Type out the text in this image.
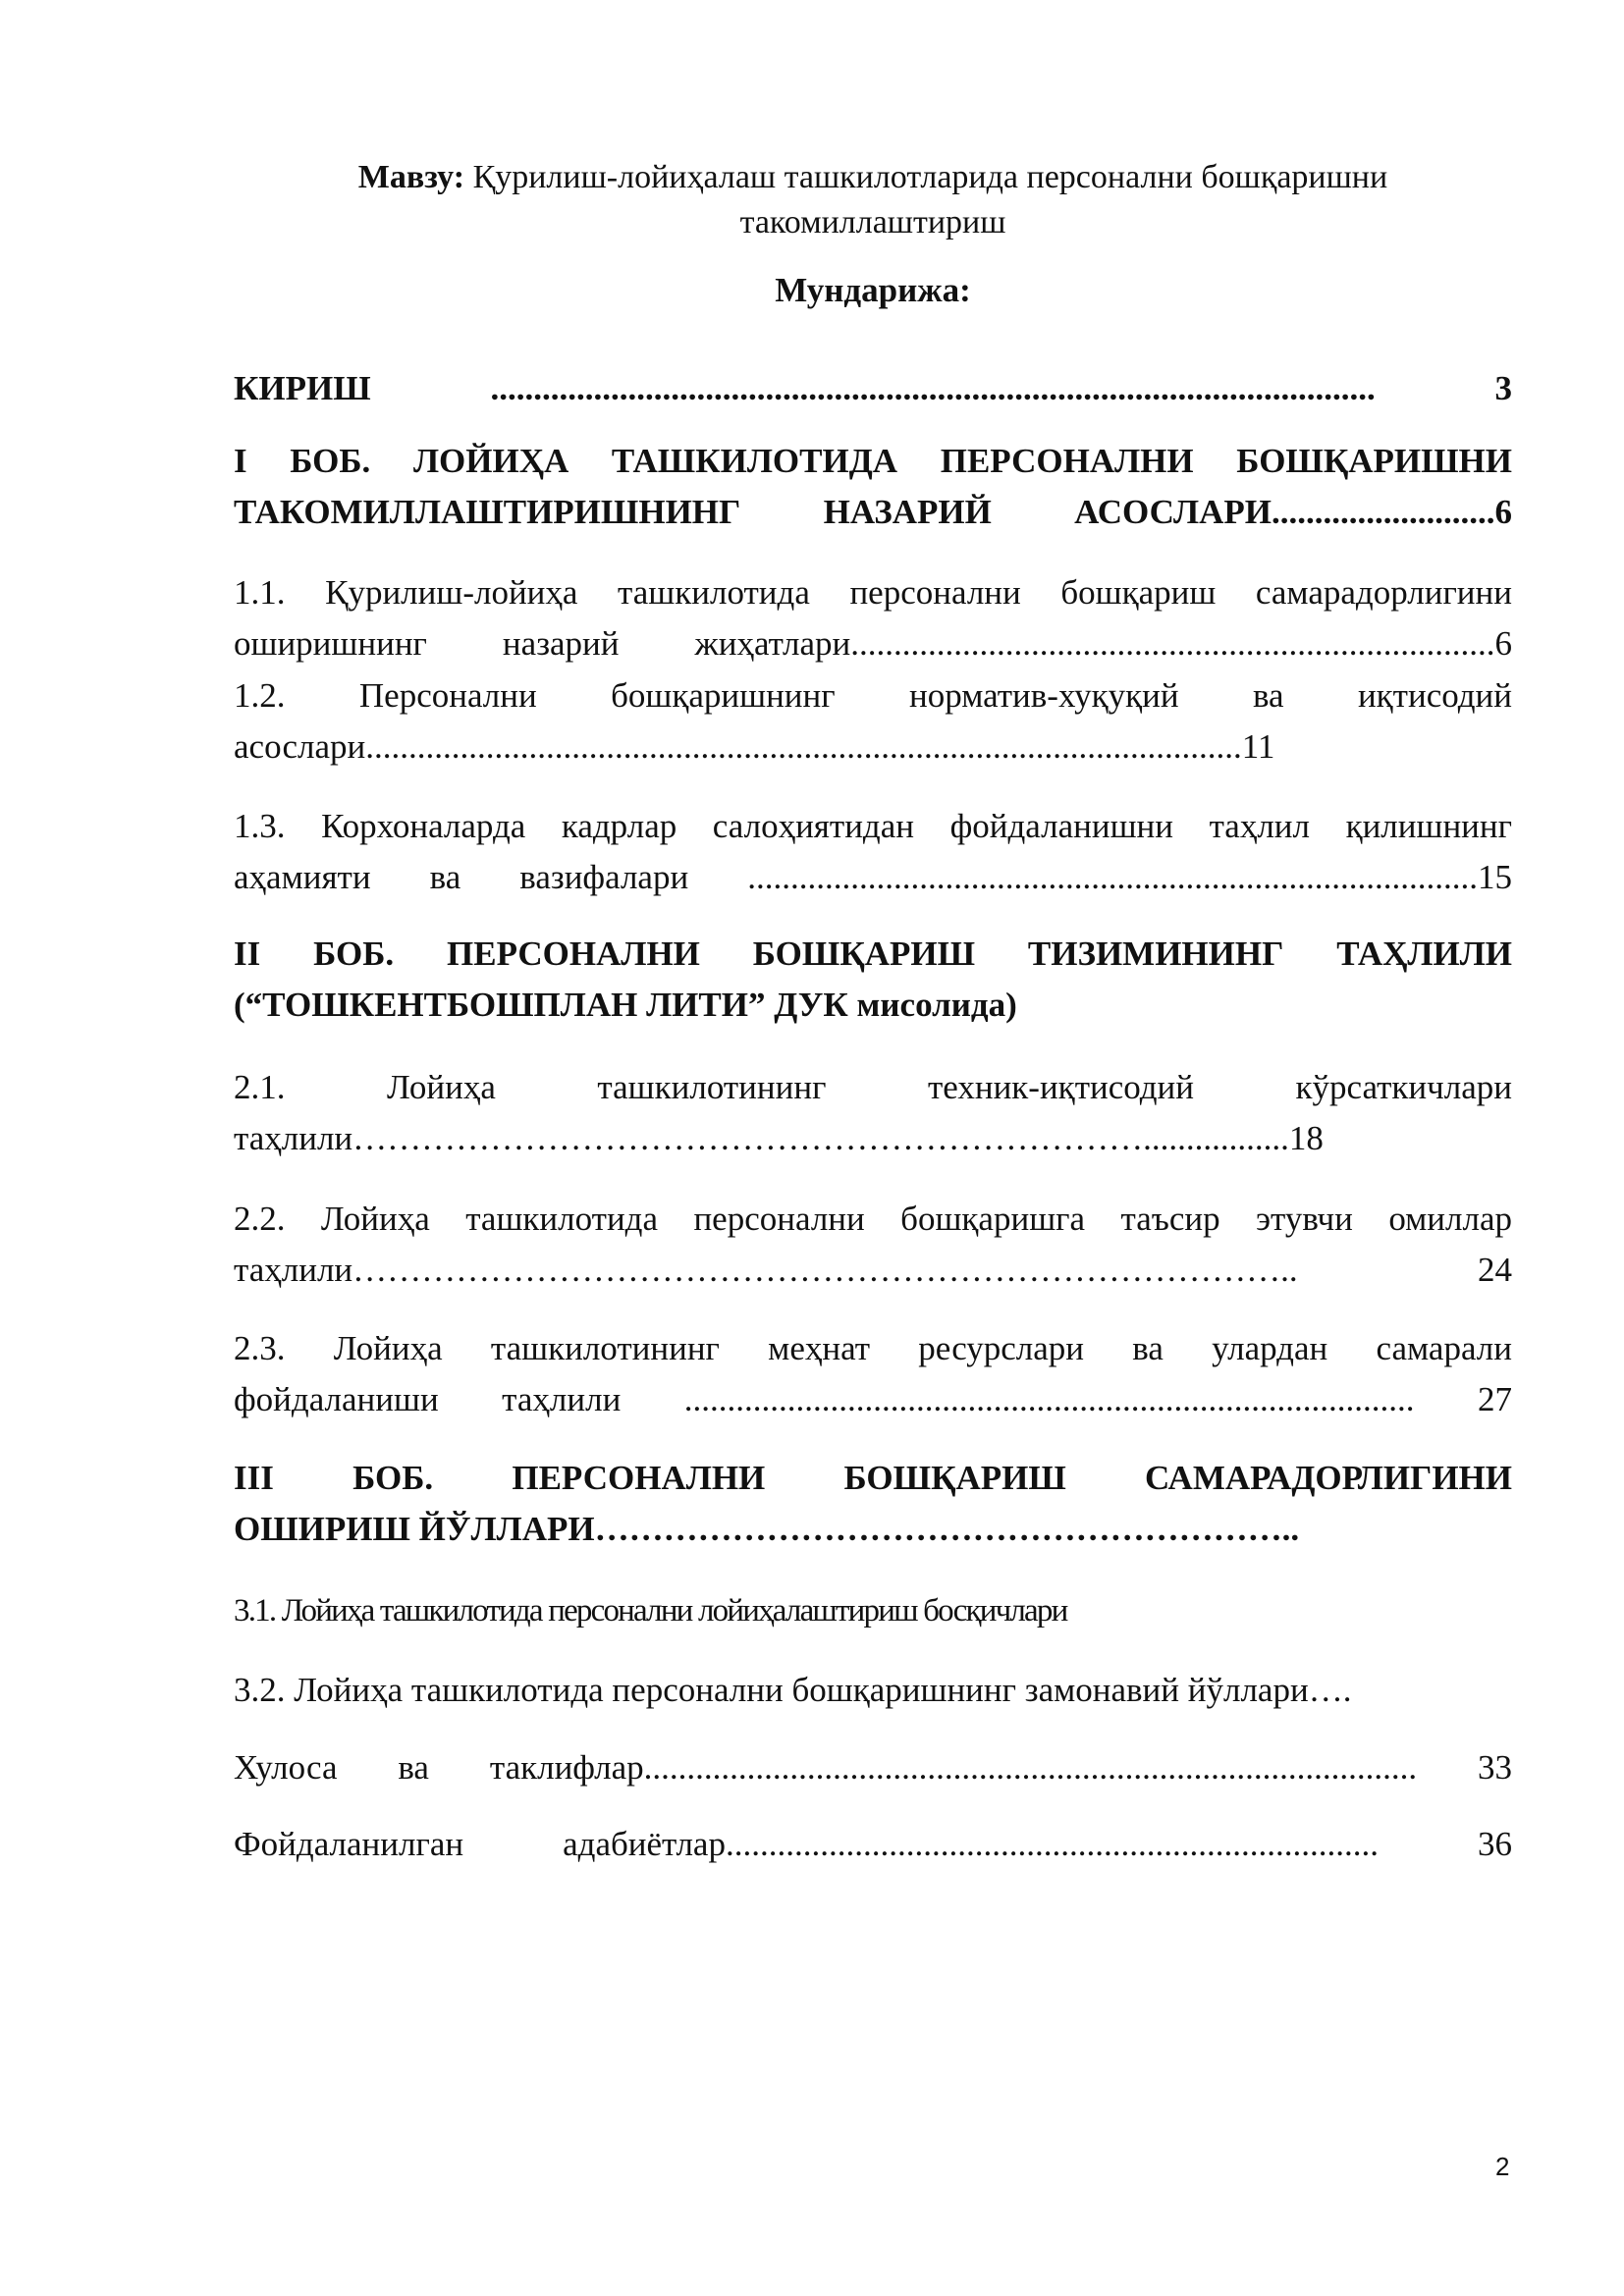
Мавзу: Қурилиш-лойиҳалаш ташкилотларида персонални бошқаришни такомиллаштириш
Мундарижа:
КИРИШ ....................................................................................................... 3
I БОБ. ЛОЙИҲА ТАШКИЛОТИДА ПЕРСОНАЛНИ БОШҚАРИШНИ
ТАКОМИЛЛАШТИРИШНИНГ НАЗАРИЙ АСОСЛАРИ..........................6
1.1. Қурилиш-лойиҳа ташкилотида персонални бошқариш самарадорлигини
оширишнинг назарий жиҳатлари...........................................................................6
1.2. Персонални бошқаришнинг норматив-хуқуқий ва иқтисодий
асослари......................................................................................................11
1.3. Корхоналарда кадрлар салоҳиятидан фойдаланишни таҳлил қилишнинг
аҳамияти ва вазифалари .....................................................................................15
II БОБ. ПЕРСОНАЛНИ БОШҚАРИШ ТИЗИМИНИНГ ТАҲЛИЛИ
(“ТОШКЕНТБОШПЛАН ЛИТИ” ДУК мисолида)
2.1. Лойиҳа ташкилотининг техник-иқтисодий кўрсаткичлари
таҳлили…………………………………………………………….................18
2.2. Лойиҳа ташкилотида персонални бошқаришга таъсир этувчи омиллар
таҳлили……………………………………………………………………….. 24
2.3. Лойиҳа ташкилотининг меҳнат ресурслари ва улардан самарали
фойдаланиши таҳлили ..................................................................................... 27
III БОБ. ПЕРСОНАЛНИ БОШҚАРИШ САМАРАДОРЛИГИНИ
ОШИРИШ ЙЎЛЛАРИ……………………………………………………..
3.1. Лойиҳа ташкилотида персонални лойиҳалаштириш босқичлари
3.2. Лойиҳа ташкилотида персонални бошқаришнинг замонавий йўллари….
Хулоса ва таклифлар.......................................................................................... 33
Фойдаланилган адабиётлар............................................................................ 36
2
